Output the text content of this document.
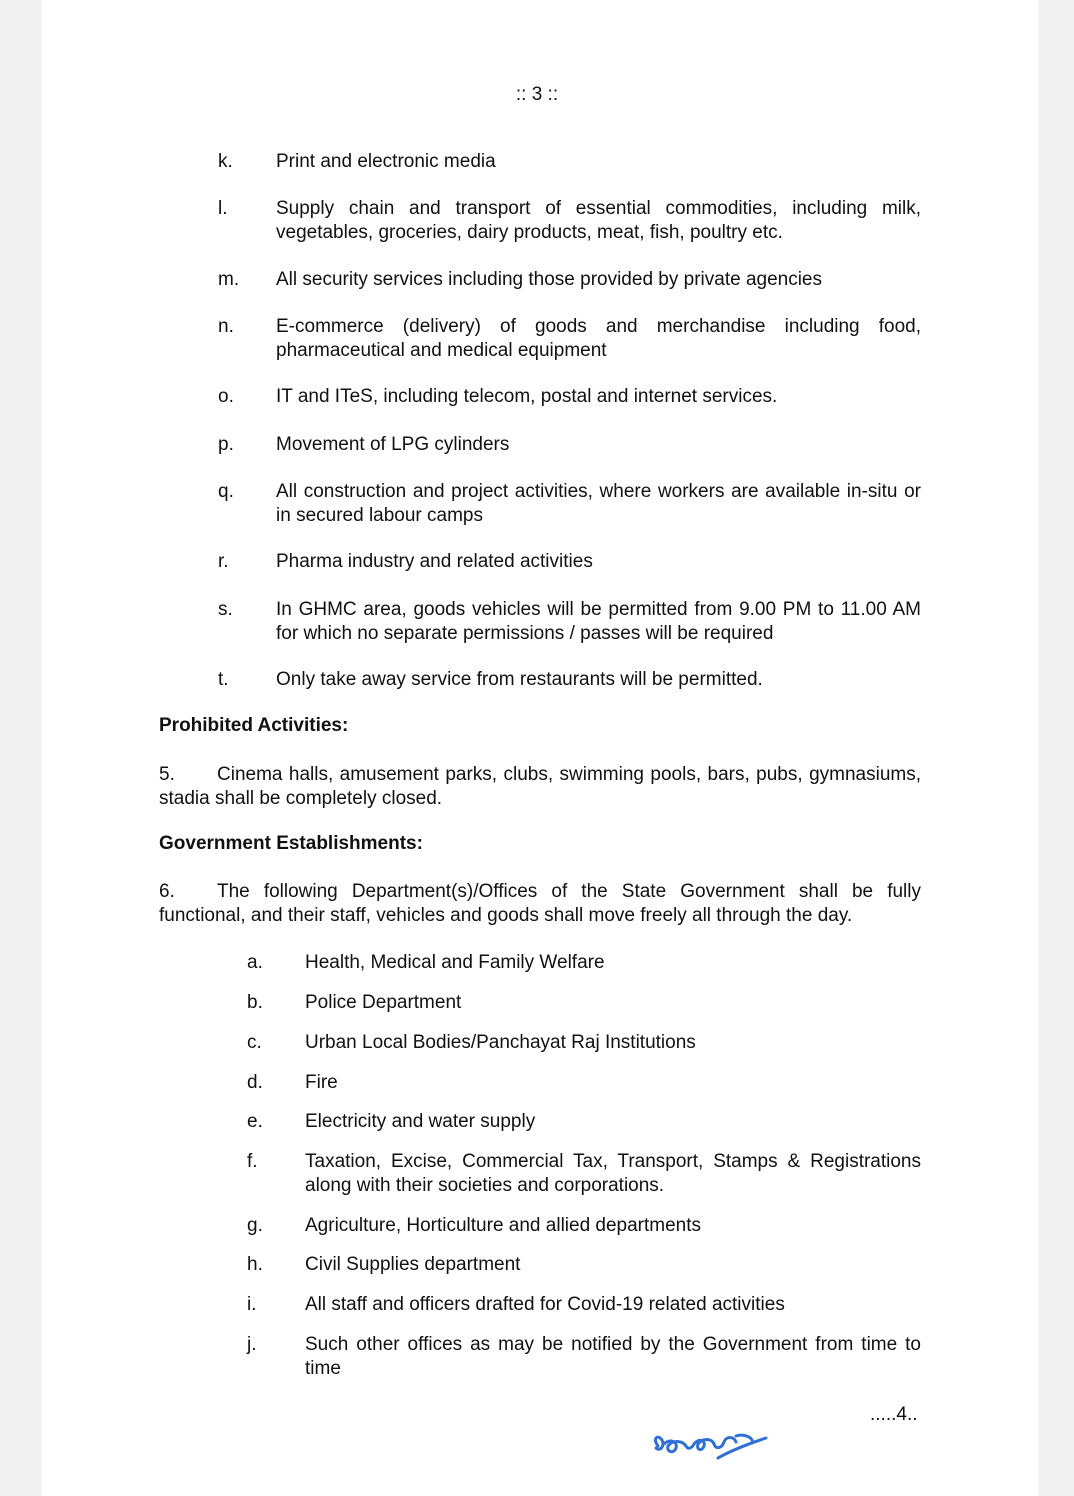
:: 3 ::
k. Print and electronic media
l.	Supply chain and transport of essential commodities, including milk, vegetables, groceries, dairy products, meat, fish, poultry etc.
m. All security services including those provided by private agencies
n. E-commerce (delivery) of goods and merchandise including food, pharmaceutical and medical equipment
o. IT and ITeS, including telecom, postal and internet services.
p. Movement of LPG cylinders
q. All construction and project activities, where workers are available in-situ or in secured labour camps
r. Pharma industry and related activities
s. In GHMC area, goods vehicles will be permitted from 9.00 PM to 11.00 AM for which no separate permissions / passes will be required
t. Only take away service from restaurants will be permitted.
Prohibited Activities:
5. Cinema halls, amusement parks, clubs, swimming pools, bars, pubs, gymnasiums, stadia shall be completely closed.
Government Establishments:
6. The following Department(s)/Offices of the State Government shall be fully functional, and their staff, vehicles and goods shall move freely all through the day.
a. Health, Medical and Family Welfare
b. Police Department
c. Urban Local Bodies/Panchayat Raj Institutions
d. Fire
e. Electricity and water supply
f. Taxation, Excise, Commercial Tax, Transport, Stamps & Registrations along with their societies and corporations.
g. Agriculture, Horticulture and allied departments
h. Civil Supplies department
i.	All staff and officers drafted for Covid-19 related activities
j.	Such other offices as may be notified by the Government from time to time
.....4..
